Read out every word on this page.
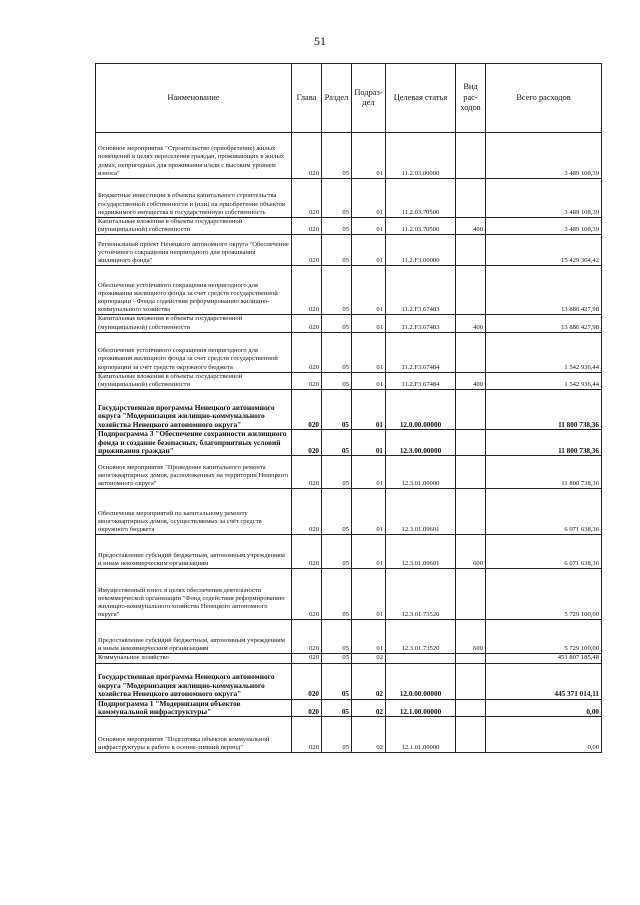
51
Наименование	Глава	Раздел	Подраз-дел	Целевая статья	Вид рас-ходов	Всего расходов
Основное мероприятие "Строительство (приобретение) жилых помещений в целях переселения граждан, проживающих в жилых домах, непригодных для проживания и/или с высоким уровнем износа"	020	05	01	11.2.03.00000		3 489 108,39
Бюджетные инвестиции в объекты капитального строительства государственной собственности и (или) на приобретение объектов недвижимого имущества в государственную собственность	020	05	01	11.2.03.70500		3 489 108,39
Капитальные вложения в объекты государственной (муниципальной) собственности	020	05	01	11.2.03.70500	400	3 489 108,39
Региональный проект Ненецкого автономного округа "Обеспечение устойчивого сокращения непригодного для проживания жилищного фонда"	020	05	01	11.2.F3.00000		15 429 364,42
Обеспечение устойчивого сокращения непригодного для проживания жилищного фонда за счет средств государственной корпорации - Фонда содействия реформированию жилищно-коммунального хозяйства	020	05	01	11.2.F3.67483		13 886 427,98
Капитальные вложения в объекты государственной (муниципальной) собственности	020	05	01	11.2.F3.67483	400	13 886 427,98
Обеспечение устойчивого сокращения непригодного для проживания жилищного фонда за счет средств государственной корпорации за счёт средств окружного бюджета	020	05	01	11.2.F3.67484		1 542 936,44
Капитальные вложения в объекты государственной (муниципальной) собственности	020	05	01	11.2.F3.67484	400	1 542 936,44
Государственная программа Ненецкого автономного округа "Модернизация жилищно-коммунального хозяйства Ненецкого автономного округа"	020	05	01	12.0.00.00000		11 800 738,36
Подпрограмма 3 "Обеспечение сохранности жилищного фонда и создание безопасных, благоприятных условий проживания граждан"	020	05	01	12.3.00.00000		11 800 738,36
Основное мероприятие "Проведение капитального ремонта многоквартирных домов, расположенных на территории Ненецкого автономного округа"	020	05	01	12.3.01.00000		11 800 738,36
Обеспечение мероприятий по капитальному ремонту многоквартирных домов, осуществляемых за счёт средств окружного бюджета	020	05	01	12.3.01.09601		6 071 638,36
Предоставление субсидий бюджетным, автономным учреждениям и иным некоммерческим организациям	020	05	01	12.3.01.09601	600	6 071 638,36
Имущественный взнос в целях обеспечения деятельности некоммерческой организации "Фонд содействия реформированию жилищно-коммунального хозяйства Ненецкого автономного округа"	020	05	01	12.3.01.73520		5 729 100,00
Предоставление субсидий бюджетным, автономным учреждениям и иным некоммерческим организациям	020	05	01	12.3.01.73520	600	5 729 100,00
Коммунальное хозяйство	020	05	02			451 807 185,48
Государственная программа Ненецкого автономного округа "Модернизация жилищно-коммунального хозяйства Ненецкого автономного округа"	020	05	02	12.0.00.00000		445 371 014,11
Подпрограмма 1 "Модернизация объектов коммунальной инфраструктуры"	020	05	02	12.1.00.00000		0,00
Основное мероприятие "Подготовка объектов коммунальной инфраструктуры к работе в осенне-зимний период"	020	05	02	12.1.01.00000		0,00
